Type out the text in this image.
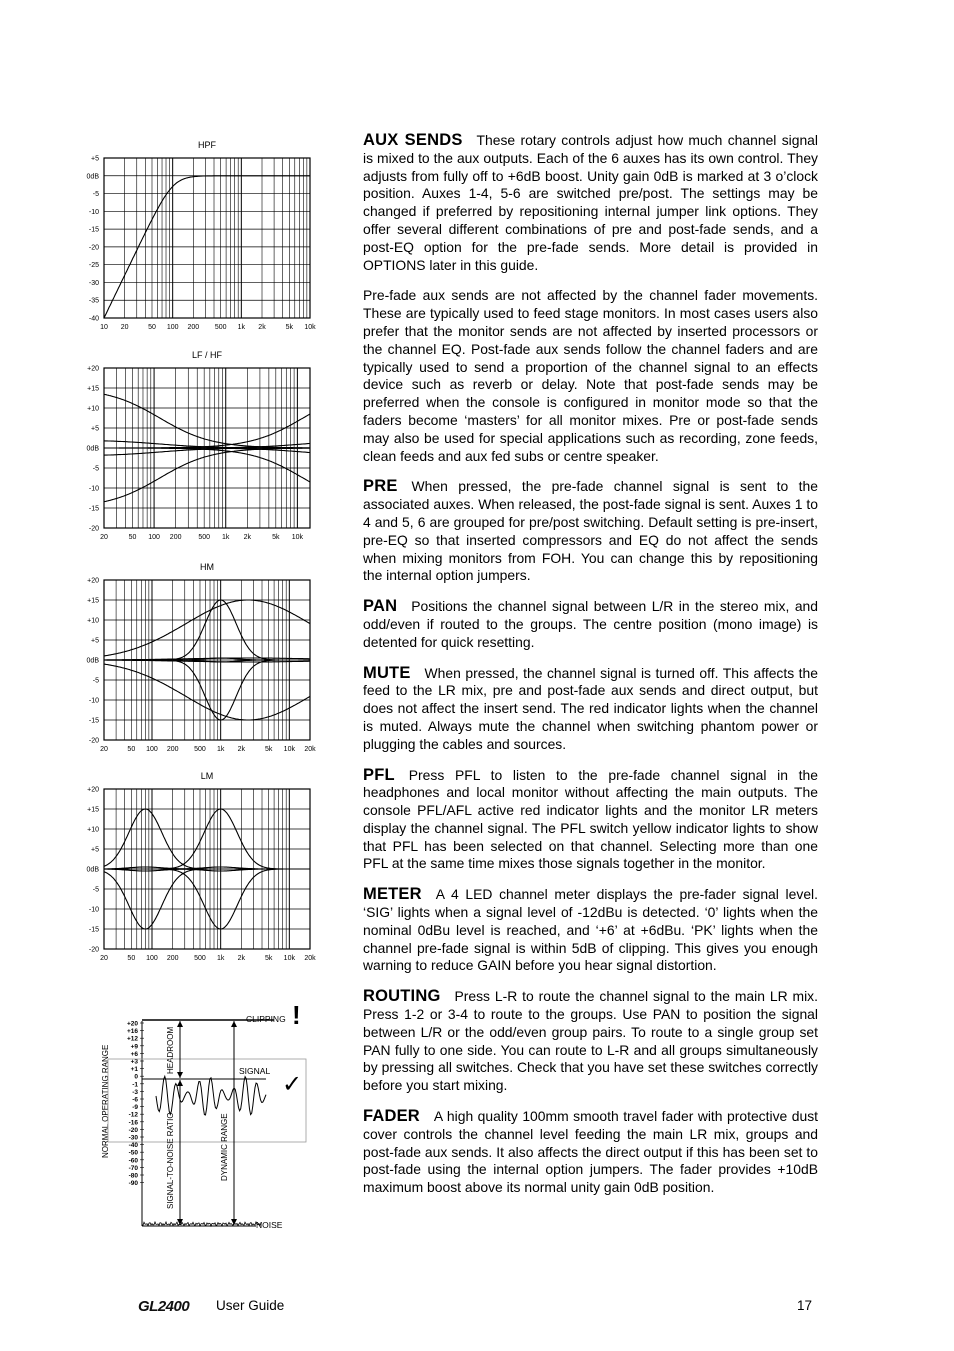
HPF
+5
0dB
-5
-10
-15
-20
-25
-30
-35
-40
10 20	50 100 200 500 1k 2k	5k 10k
LF / HF
+20
+15
+10
+5
0dB
-5
-10
-15
-20
20	50 100 200 500 1k 2k	5k 10k
HM
+20
+15
+10
+5
0dB
-5
-10
-15
-20
20	50 100 200 500 1k 2k	5k 10k 20k
LM
+20
+15
+10
+5
0dB
-5
-10
-15
-20
20	50 100 200 500 1k 2k	5k 10k 20k
+20
+16
+12
+9
+6
+3
+1
0
-1
-3
-6
-9
-12
-16
-20
-30
-40
-50
-60
-70
-80
-90
CLIPPING !
SIGNAL ✓
NOISE
HEADROOM
SIGNAL-TO-NOISE RATIO	DYNAMIC RANGE
NORMAL OPERATING RANGE

AUX SENDS These rotary controls adjust how much channel signal is mixed to the aux outputs. Each of the 6 auxes has its own control. They adjusts from fully off to +6dB boost. Unity gain 0dB is marked at 3 o’clock position. Auxes 1-4, 5-6 are switched pre/post. The settings may be changed if preferred by repositioning internal jumper link options. They offer several different combinations of pre and post-fade sends, and a post-EQ option for the pre-fade sends. More detail is provided in OPTIONS later in this guide.

Pre-fade aux sends are not affected by the channel fader movements. These are typically used to feed stage monitors. In most cases users also prefer that the monitor sends are not affected by inserted processors or the channel EQ. Post-fade aux sends follow the channel faders and are typically used to send a proportion of the channel signal to an effects device such as reverb or delay. Note that post-fade sends may be preferred when the console is configured in monitor mode so that the faders become ‘masters’ for all monitor mixes. Pre or post-fade sends may also be used for special applications such as recording, zone feeds, clean feeds and aux fed subs or centre speaker.

PRE When pressed, the pre-fade channel signal is sent to the associated auxes. When released, the post-fade signal is sent. Auxes 1 to 4 and 5, 6 are grouped for pre/post switching. Default setting is pre-insert, pre-EQ so that inserted compressors and EQ do not affect the sends when mixing monitors from FOH. You can change this by repositioning the internal option jumpers.

PAN Positions the channel signal between L/R in the stereo mix, and odd/even if routed to the groups. The centre position (mono image) is detented for quick resetting.

MUTE When pressed, the channel signal is turned off. This affects the feed to the LR mix, pre and post-fade aux sends and direct output, but does not affect the insert send. The red indicator lights when the channel is muted. Always mute the channel when switching phantom power or plugging the cables and sources.

PFL Press PFL to listen to the pre-fade channel signal in the headphones and local monitor without affecting the main outputs. The console PFL/AFL active red indicator lights and the monitor LR meters display the channel signal. The PFL switch yellow indicator lights to show that PFL has been selected on that channel. Selecting more than one PFL at the same time mixes those signals together in the monitor.

METER A 4 LED channel meter displays the pre-fader signal level. ‘SIG’ lights when a signal level of -12dBu is detected. ‘0’ lights when the nominal 0dBu level is reached, and ‘+6’ at +6dBu. ‘PK’ lights when the channel pre-fade signal is within 5dB of clipping. This gives you enough warning to reduce GAIN before you hear signal distortion.

ROUTING Press L-R to route the channel signal to the main LR mix. Press 1-2 or 3-4 to route to the groups. Use PAN to position the signal between L/R or the odd/even group pairs. To route to a single group set PAN fully to one side. You can route to L-R and all groups simultaneously by pressing all switches. Check that you have set these switches correctly before you start mixing.

FADER A high quality 100mm smooth travel fader with protective dust cover controls the channel level feeding the main LR mix, groups and post-fade aux sends. It also affects the direct output if this has been set to post-fade using the internal option jumpers. The fader provides +10dB maximum boost above its normal unity gain 0dB position.

GL2400 User Guide	17
